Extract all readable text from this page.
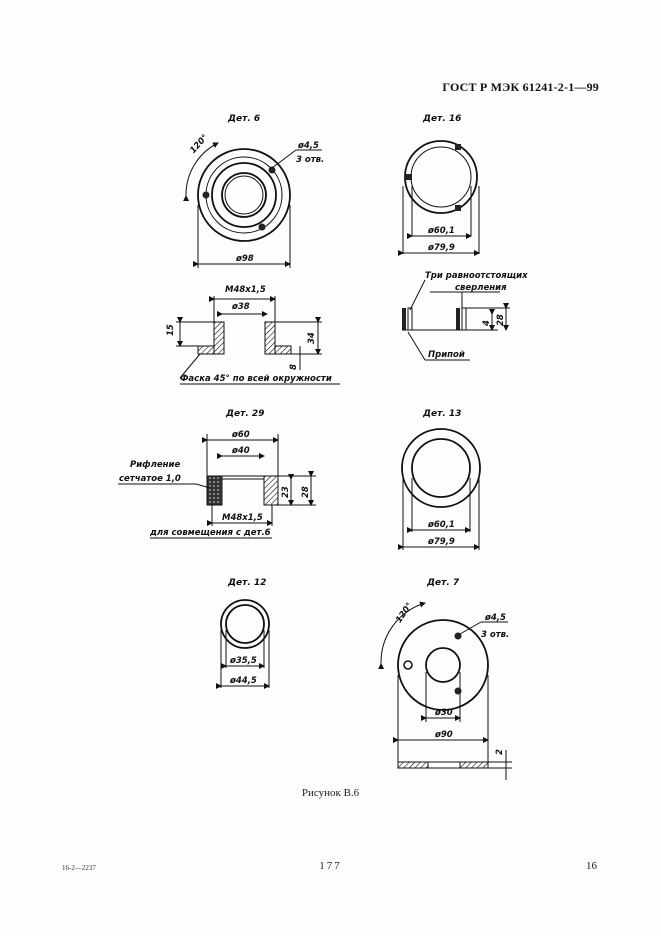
ГОСТ Р МЭК 61241-2-1—99
Дет. 6
120°	ø4,5
3 отв.
ø98
M48x1,5
ø38
15
34
8
Фаска 45° по всей окружности
Дет. 16
ø60,1
ø79,9
Три равноотстоящих
сверления
4 28
Припой
Дет. 29
ø60
ø40
23 28
Рифление
сетчатое 1,0
M48x1,5
для совмещения с дет.6
Дет. 13
ø60,1
ø79,9
Дет. 12
ø35,5
ø44,5
Дет. 7
120°	ø4,5
3 отв.
ø30
ø90
2
Рисунок В.6
16-2—2237	177	16
